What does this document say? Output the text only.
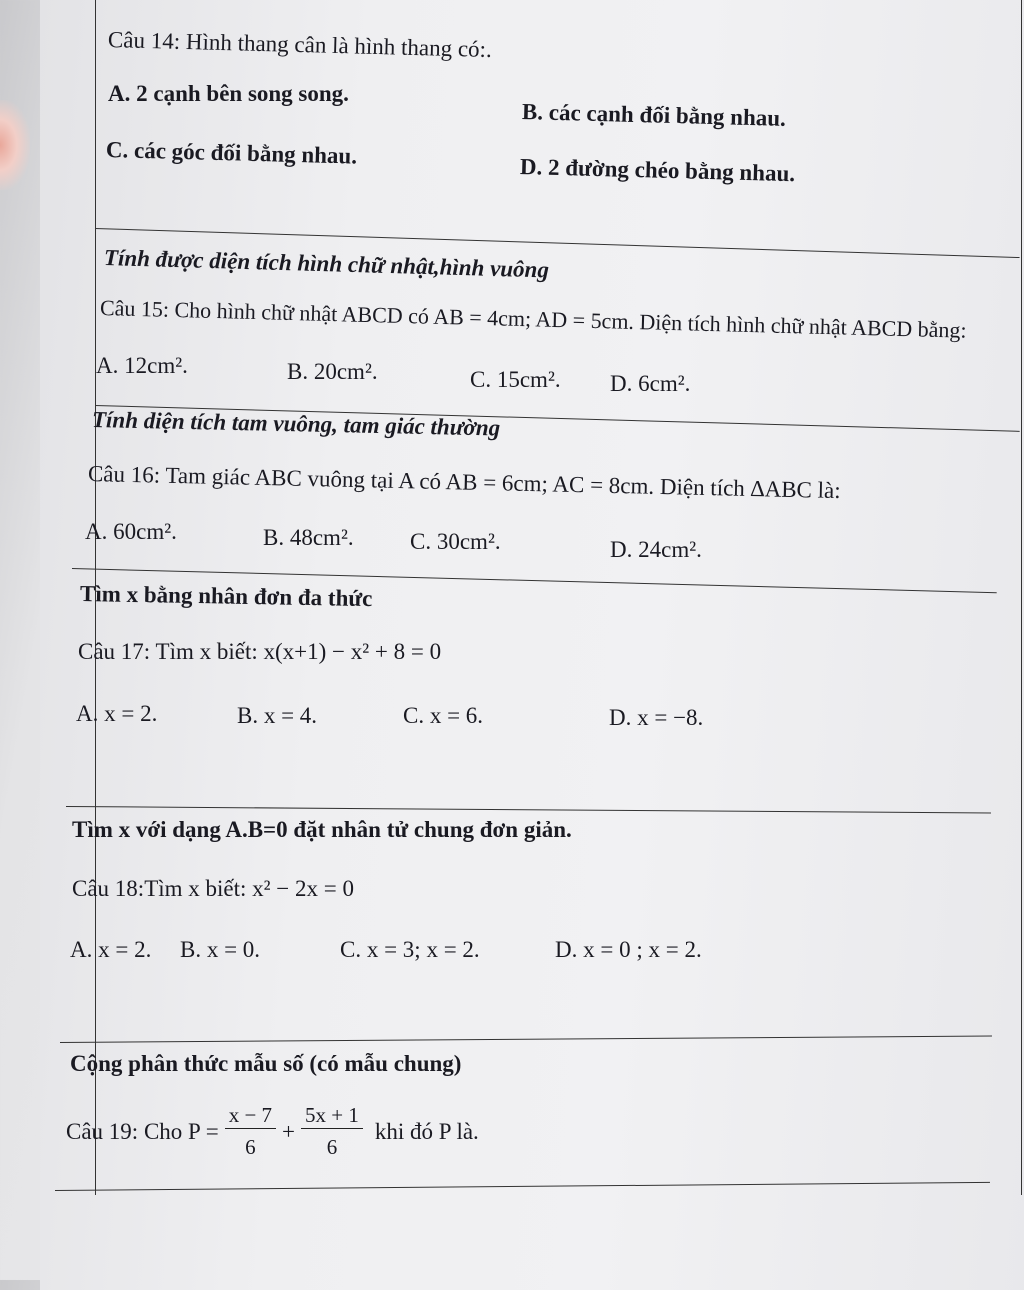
Câu 14: Hình thang cân là hình thang có:.
A. 2 cạnh bên song song.
B. các cạnh đối bằng nhau.
C. các góc đối bằng nhau.
D. 2 đường chéo bằng nhau.
Tính được diện tích hình chữ nhật,hình vuông
Câu 15: Cho hình chữ nhật ABCD có AB = 4cm; AD = 5cm. Diện tích hình chữ nhật ABCD bằng:
A. 12cm².	B. 20cm².	C. 15cm². D. 6cm².
Tính diện tích tam vuông, tam giác thường
Câu 16: Tam giác ABC vuông tại A có AB = 6cm; AC = 8cm. Diện tích ∆ABC là:
A. 60cm².	B. 48cm². C. 30cm².	D. 24cm².
Tìm x bằng nhân đơn đa thức
Câu 17: Tìm x biết: x(x+1) − x² + 8 = 0
A. x = 2.	B. x = 4.	C. x = 6.	D. x = −8.
Tìm x với dạng A.B=0 đặt nhân tử chung đơn giản.
Câu 18:Tìm x biết: x² − 2x = 0
A. x = 2. B. x = 0.	C. x = 3; x = 2.	D. x = 0 ; x = 2.
Cộng phân thức mẫu số (có mẫu chung)
Câu 19: Cho $P = \frac{x - 7}{6} + \frac{5x + 1}{6}$ khi đó P là.
